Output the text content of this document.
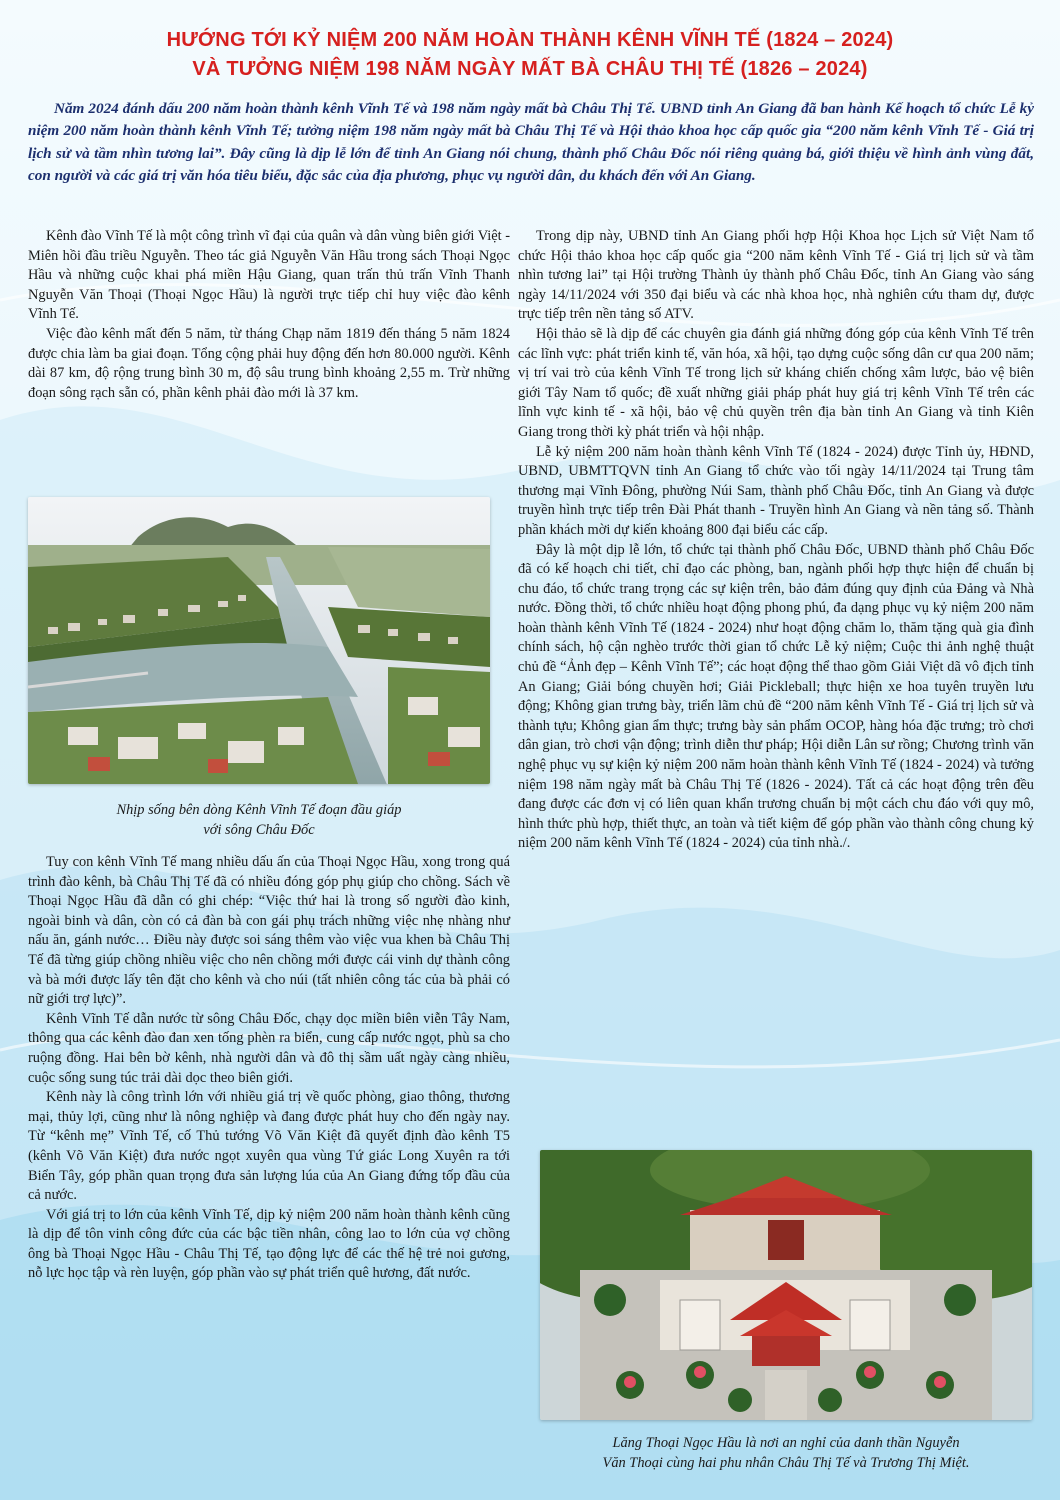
HƯỚNG TỚI KỶ NIỆM 200 NĂM HOÀN THÀNH KÊNH VĨNH TẾ (1824 – 2024)
VÀ TƯỞNG NIỆM 198 NĂM NGÀY MẤT BÀ CHÂU THỊ TẾ (1826 – 2024)
Năm 2024 đánh dấu 200 năm hoàn thành kênh Vĩnh Tế và 198 năm ngày mất bà Châu Thị Tế. UBND tỉnh An Giang đã ban hành Kế hoạch tổ chức Lễ kỷ niệm 200 năm hoàn thành kênh Vĩnh Tế; tưởng niệm 198 năm ngày mất bà Châu Thị Tế và Hội thảo khoa học cấp quốc gia “200 năm kênh Vĩnh Tế - Giá trị lịch sử và tầm nhìn tương lai”. Đây cũng là dịp lễ lớn để tỉnh An Giang nói chung, thành phố Châu Đốc nói riêng quảng bá, giới thiệu về hình ảnh vùng đất, con người và các giá trị văn hóa tiêu biểu, đặc sắc của địa phương, phục vụ người dân, du khách đến với An Giang.

Kênh đào Vĩnh Tế là một công trình vĩ đại của quân và dân vùng biên giới Việt - Miên hồi đầu triều Nguyễn. Theo tác giả Nguyễn Văn Hầu trong sách Thoại Ngọc Hầu và những cuộc khai phá miền Hậu Giang, quan trấn thủ trấn Vĩnh Thanh Nguyễn Văn Thoại (Thoại Ngọc Hầu) là người trực tiếp chỉ huy việc đào kênh Vĩnh Tế.

Việc đào kênh mất đến 5 năm, từ tháng Chạp năm 1819 đến tháng 5 năm 1824 được chia làm ba giai đoạn. Tổng cộng phải huy động đến hơn 80.000 người. Kênh dài 87 km, độ rộng trung bình 30 m, độ sâu trung bình khoảng 2,55 m. Trừ những đoạn sông rạch sẵn có, phần kênh phải đào mới là 37 km.

Nhịp sống bên dòng Kênh Vĩnh Tế đoạn đầu giáp
với sông Châu Đốc

Tuy con kênh Vĩnh Tế mang nhiều dấu ấn của Thoại Ngọc Hầu, xong trong quá trình đào kênh, bà Châu Thị Tế đã có nhiều đóng góp phụ giúp cho chồng. Sách về Thoại Ngọc Hầu đã dẫn có ghi chép: “Việc thứ hai là trong số người đào kinh, ngoài binh và dân, còn có cả đàn bà con gái phụ trách những việc nhẹ nhàng như nấu ăn, gánh nước… Điều này được soi sáng thêm vào việc vua khen bà Châu Thị Tế đã từng giúp chồng nhiều việc cho nên chồng mới được cái vinh dự thành công và bà mới được lấy tên đặt cho kênh và cho núi (tất nhiên công tác của bà phải có nữ giới trợ lực)”.

Kênh Vĩnh Tế dẫn nước từ sông Châu Đốc, chạy dọc miền biên viễn Tây Nam, thông qua các kênh đào đan xen tống phèn ra biển, cung cấp nước ngọt, phù sa cho ruộng đồng. Hai bên bờ kênh, nhà người dân và đô thị sầm uất ngày càng nhiều, cuộc sống sung túc trải dài dọc theo biên giới.

Kênh này là công trình lớn với nhiều giá trị về quốc phòng, giao thông, thương mại, thủy lợi, cũng như là nông nghiệp và đang được phát huy cho đến ngày nay. Từ “kênh mẹ” Vĩnh Tế, cố Thủ tướng Võ Văn Kiệt đã quyết định đào kênh T5 (kênh Võ Văn Kiệt) đưa nước ngọt xuyên qua vùng Tứ giác Long Xuyên ra tới Biển Tây, góp phần quan trọng đưa sản lượng lúa của An Giang đứng tốp đầu của cả nước.

Với giá trị to lớn của kênh Vĩnh Tế, dịp kỷ niệm 200 năm hoàn thành kênh cũng là dịp để tôn vinh công đức của các bậc tiền nhân, công lao to lớn của vợ chồng ông bà Thoại Ngọc Hầu - Châu Thị Tế, tạo động lực để các thế hệ trẻ noi gương, nỗ lực học tập và rèn luyện, góp phần vào sự phát triển quê hương, đất nước.

Trong dịp này, UBND tỉnh An Giang phối hợp Hội Khoa học Lịch sử Việt Nam tổ chức Hội thảo khoa học cấp quốc gia “200 năm kênh Vĩnh Tế - Giá trị lịch sử và tầm nhìn tương lai” tại Hội trường Thành ủy thành phố Châu Đốc, tỉnh An Giang vào sáng ngày 14/11/2024 với 350 đại biểu và các nhà khoa học, nhà nghiên cứu tham dự, được trực tiếp trên nền tảng số ATV.

Hội thảo sẽ là dịp để các chuyên gia đánh giá những đóng góp của kênh Vĩnh Tế trên các lĩnh vực: phát triển kinh tế, văn hóa, xã hội, tạo dựng cuộc sống dân cư qua 200 năm; vị trí vai trò của kênh Vĩnh Tế trong lịch sử kháng chiến chống xâm lược, bảo vệ biên giới Tây Nam tổ quốc; đề xuất những giải pháp phát huy giá trị kênh Vĩnh Tế trên các lĩnh vực kinh tế - xã hội, bảo vệ chủ quyền trên địa bàn tỉnh An Giang và tỉnh Kiên Giang trong thời kỳ phát triển và hội nhập.

Lễ kỷ niệm 200 năm hoàn thành kênh Vĩnh Tế (1824 - 2024) được Tỉnh ủy, HĐND, UBND, UBMTTQVN tỉnh An Giang tổ chức vào tối ngày 14/11/2024 tại Trung tâm thương mại Vĩnh Đông, phường Núi Sam, thành phố Châu Đốc, tỉnh An Giang và được truyền hình trực tiếp trên Đài Phát thanh - Truyền hình An Giang và nền tảng số. Thành phần khách mời dự kiến khoảng 800 đại biểu các cấp.

Đây là một dịp lễ lớn, tổ chức tại thành phố Châu Đốc, UBND thành phố Châu Đốc đã có kế hoạch chi tiết, chỉ đạo các phòng, ban, ngành phối hợp thực hiện để chuẩn bị chu đáo, tổ chức trang trọng các sự kiện trên, bảo đảm đúng quy định của Đảng và Nhà nước. Đồng thời, tổ chức nhiều hoạt động phong phú, đa dạng phục vụ kỷ niệm 200 năm hoàn thành kênh Vĩnh Tế (1824 - 2024) như hoạt động chăm lo, thăm tặng quà gia đình chính sách, hộ cận nghèo trước thời gian tổ chức Lễ kỷ niệm; Cuộc thi ảnh nghệ thuật chủ đề “Ảnh đẹp – Kênh Vĩnh Tế”; các hoạt động thể thao gồm Giải Việt dã vô địch tỉnh An Giang; Giải bóng chuyền hơi; Giải Pickleball; thực hiện xe hoa tuyên truyền lưu động; Không gian trưng bày, triển lãm chủ đề “200 năm kênh Vĩnh Tế - Giá trị lịch sử và thành tựu; Không gian ẩm thực; trưng bày sản phẩm OCOP, hàng hóa đặc trưng; trò chơi dân gian, trò chơi vận động; trình diễn thư pháp; Hội diễn Lân sư rồng; Chương trình văn nghệ phục vụ sự kiện kỷ niệm 200 năm hoàn thành kênh Vĩnh Tế (1824 - 2024) và tưởng niệm 198 năm ngày mất bà Châu Thị Tế (1826 - 2024). Tất cả các hoạt động trên đều đang được các đơn vị có liên quan khẩn trương chuẩn bị một cách chu đáo với quy mô, hình thức phù hợp, thiết thực, an toàn và tiết kiệm để góp phần vào thành công chung kỷ niệm 200 năm kênh Vĩnh Tế (1824 - 2024) của tỉnh nhà./.

Lăng Thoại Ngọc Hầu là nơi an nghỉ của danh thần Nguyễn
Văn Thoại cùng hai phu nhân Châu Thị Tế và Trương Thị Miệt.
